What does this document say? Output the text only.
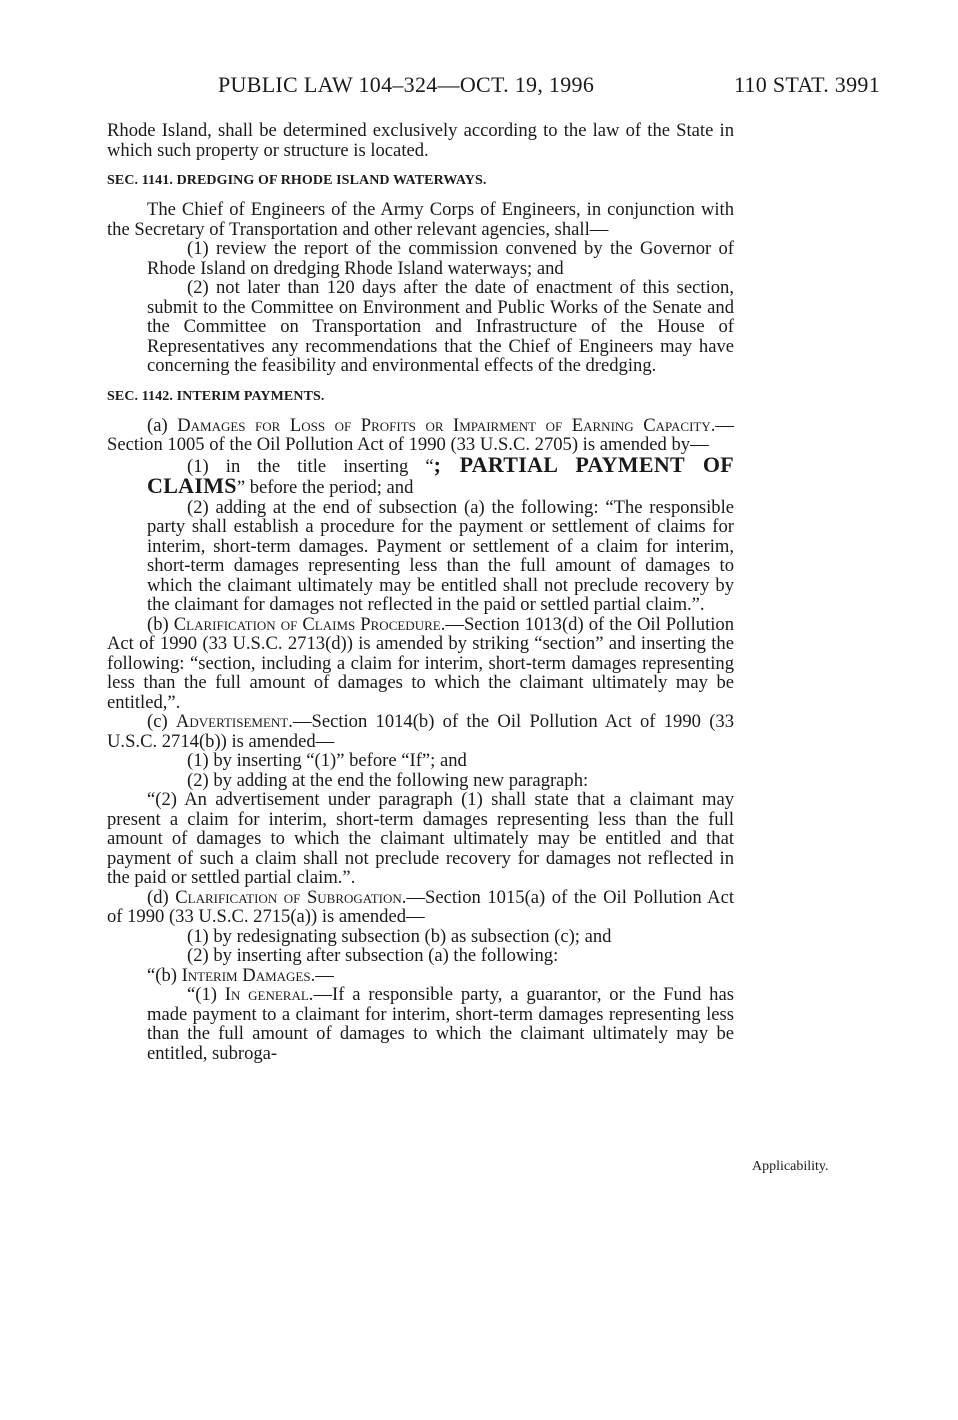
PUBLIC LAW 104–324—OCT. 19, 1996	110 STAT. 3991

Rhode Island, shall be determined exclusively according to the law of the State in which such property or structure is located.

SEC. 1141. DREDGING OF RHODE ISLAND WATERWAYS.

The Chief of Engineers of the Army Corps of Engineers, in conjunction with the Secretary of Transportation and other relevant agencies, shall—

(1) review the report of the commission convened by the Governor of Rhode Island on dredging Rhode Island waterways; and

(2) not later than 120 days after the date of enactment of this section, submit to the Committee on Environment and Public Works of the Senate and the Committee on Transportation and Infrastructure of the House of Representatives any recommendations that the Chief of Engineers may have concerning the feasibility and environmental effects of the dredging.

SEC. 1142. INTERIM PAYMENTS.

(a) Damages for Loss of Profits or Impairment of Earning Capacity.—Section 1005 of the Oil Pollution Act of 1990 (33 U.S.C. 2705) is amended by—

(1) in the title inserting “; PARTIAL PAYMENT OF CLAIMS” before the period; and

(2) adding at the end of subsection (a) the following: “The responsible party shall establish a procedure for the payment or settlement of claims for interim, short-term damages. Payment or settlement of a claim for interim, short-term damages representing less than the full amount of damages to which the claimant ultimately may be entitled shall not preclude recovery by the claimant for damages not reflected in the paid or settled partial claim.”.

(b) Clarification of Claims Procedure.—Section 1013(d) of the Oil Pollution Act of 1990 (33 U.S.C. 2713(d)) is amended by striking “section” and inserting the following: “section, including a claim for interim, short-term damages representing less than the full amount of damages to which the claimant ultimately may be entitled,”.

(c) Advertisement.—Section 1014(b) of the Oil Pollution Act of 1990 (33 U.S.C. 2714(b)) is amended—

(1) by inserting “(1)” before “If”; and

(2) by adding at the end the following new paragraph:

“(2) An advertisement under paragraph (1) shall state that a claimant may present a claim for interim, short-term damages representing less than the full amount of damages to which the claimant ultimately may be entitled and that payment of such a claim shall not preclude recovery for damages not reflected in the paid or settled partial claim.”.

(d) Clarification of Subrogation.—Section 1015(a) of the Oil Pollution Act of 1990 (33 U.S.C. 2715(a)) is amended—

(1) by redesignating subsection (b) as subsection (c); and

(2) by inserting after subsection (a) the following:

“(b) Interim Damages.—

“(1) In general.—If a responsible party, a guarantor, or the Fund has made payment to a claimant for interim, short-term damages representing less than the full amount of damages to which the claimant ultimately may be entitled, subroga-

Applicability.
